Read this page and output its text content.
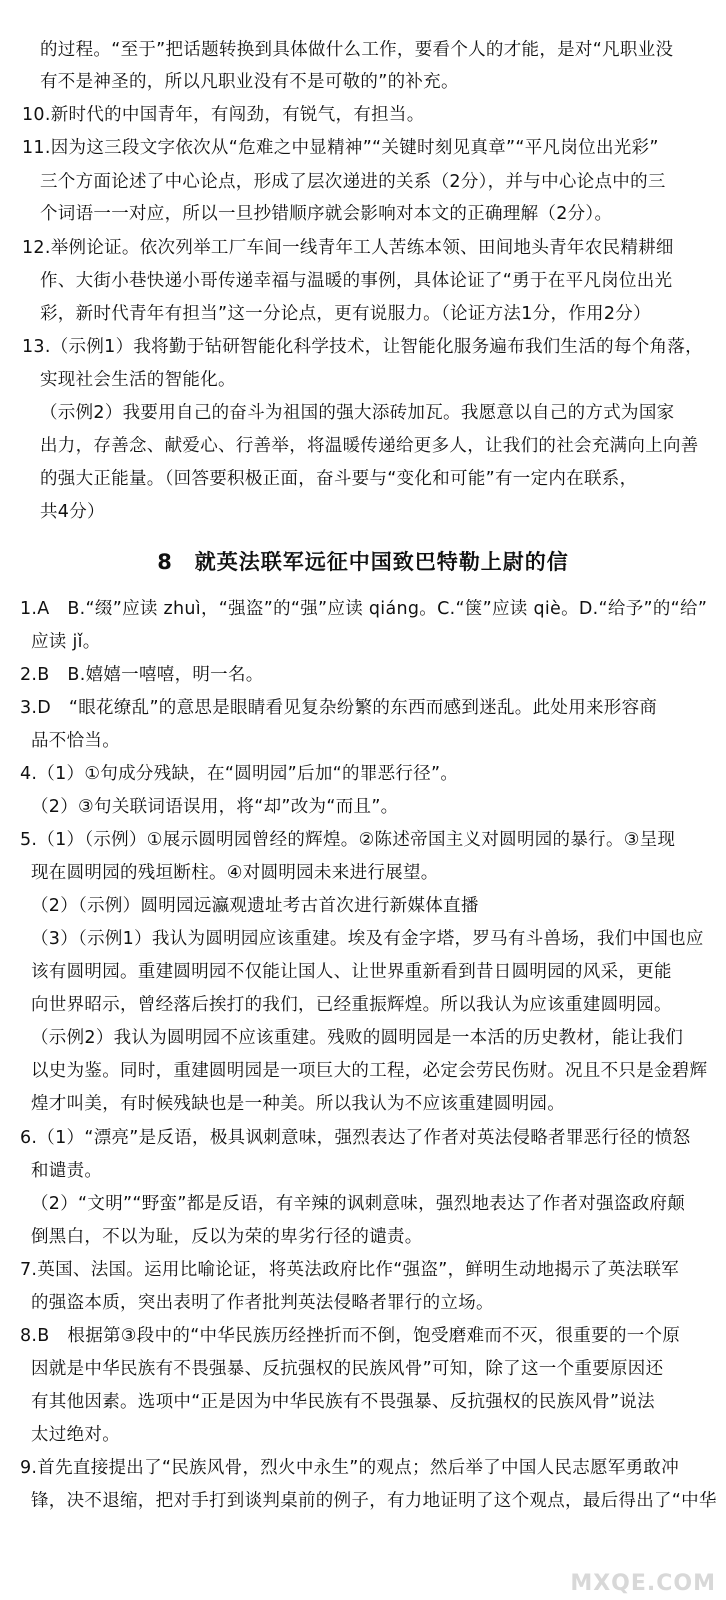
的过程。“至于”把话题转换到具体做什么工作，要看个人的才能，是对“凡职业没
有不是神圣的，所以凡职业没有不是可敬的”的补充。
10.新时代的中国青年，有闯劲，有锐气，有担当。
11.因为这三段文字依次从“危难之中显精神”“关键时刻见真章”“平凡岗位出光彩”
三个方面论述了中心论点，形成了层次递进的关系（2分），并与中心论点中的三
个词语一一对应，所以一旦抄错顺序就会影响对本文的正确理解（2分）。
12.举例论证。依次列举工厂车间一线青年工人苦练本领、田间地头青年农民精耕细
作、大街小巷快递小哥传递幸福与温暖的事例，具体论证了“勇于在平凡岗位出光
彩，新时代青年有担当”这一分论点，更有说服力。（论证方法1分，作用2分）
13.（示例1）我将勤于钻研智能化科学技术，让智能化服务遍布我们生活的每个角落，
实现社会生活的智能化。
（示例2）我要用自己的奋斗为祖国的强大添砖加瓦。我愿意以自己的方式为国家
出力，存善念、献爱心、行善举，将温暖传递给更多人，让我们的社会充满向上向善
的强大正能量。（回答要积极正面，奋斗要与“变化和可能”有一定内在联系，
共4分）
8　就英法联军远征中国致巴特勒上尉的信
1.A　B.“缀”应读 zhuì，“强盗”的“强”应读 qiáng。C.“箧”应读 qiè。D.“给予”的“给”
应读 jǐ。
2.B　B.嬉嬉一嘻嘻，明一名。
3.D　“眼花缭乱”的意思是眼睛看见复杂纷繁的东西而感到迷乱。此处用来形容商
品不恰当。
4.（1）①句成分残缺，在“圆明园”后加“的罪恶行径”。
（2）③句关联词语误用，将“却”改为“而且”。
5.（1）（示例）①展示圆明园曾经的辉煌。②陈述帝国主义对圆明园的暴行。③呈现
现在圆明园的残垣断柱。④对圆明园未来进行展望。
（2）（示例）圆明园远瀛观遗址考古首次进行新媒体直播
（3）（示例1）我认为圆明园应该重建。埃及有金字塔，罗马有斗兽场，我们中国也应
该有圆明园。重建圆明园不仅能让国人、让世界重新看到昔日圆明园的风采，更能
向世界昭示，曾经落后挨打的我们，已经重振辉煌。所以我认为应该重建圆明园。
（示例2）我认为圆明园不应该重建。残败的圆明园是一本活的历史教材，能让我们
以史为鉴。同时，重建圆明园是一项巨大的工程，必定会劳民伤财。况且不只是金碧辉
煌才叫美，有时候残缺也是一种美。所以我认为不应该重建圆明园。
6.（1）“漂亮”是反语，极具讽刺意味，强烈表达了作者对英法侵略者罪恶行径的愤怒
和谴责。
（2）“文明”“野蛮”都是反语，有辛辣的讽刺意味，强烈地表达了作者对强盗政府颠
倒黑白，不以为耻，反以为荣的卑劣行径的谴责。
7.英国、法国。运用比喻论证，将英法政府比作“强盗”，鲜明生动地揭示了英法联军
的强盗本质，突出表明了作者批判英法侵略者罪行的立场。
8.B　根据第③段中的“中华民族历经挫折而不倒，饱受磨难而不灭，很重要的一个原
因就是中华民族有不畏强暴、反抗强权的民族风骨”可知，除了这一个重要原因还
有其他因素。选项中“正是因为中华民族有不畏强暴、反抗强权的民族风骨”说法
太过绝对。
9.首先直接提出了“民族风骨，烈火中永生”的观点；然后举了中国人民志愿军勇敢冲
锋，决不退缩，把对手打到谈判桌前的例子，有力地证明了这个观点，最后得出了“中华
MXQE.COM
